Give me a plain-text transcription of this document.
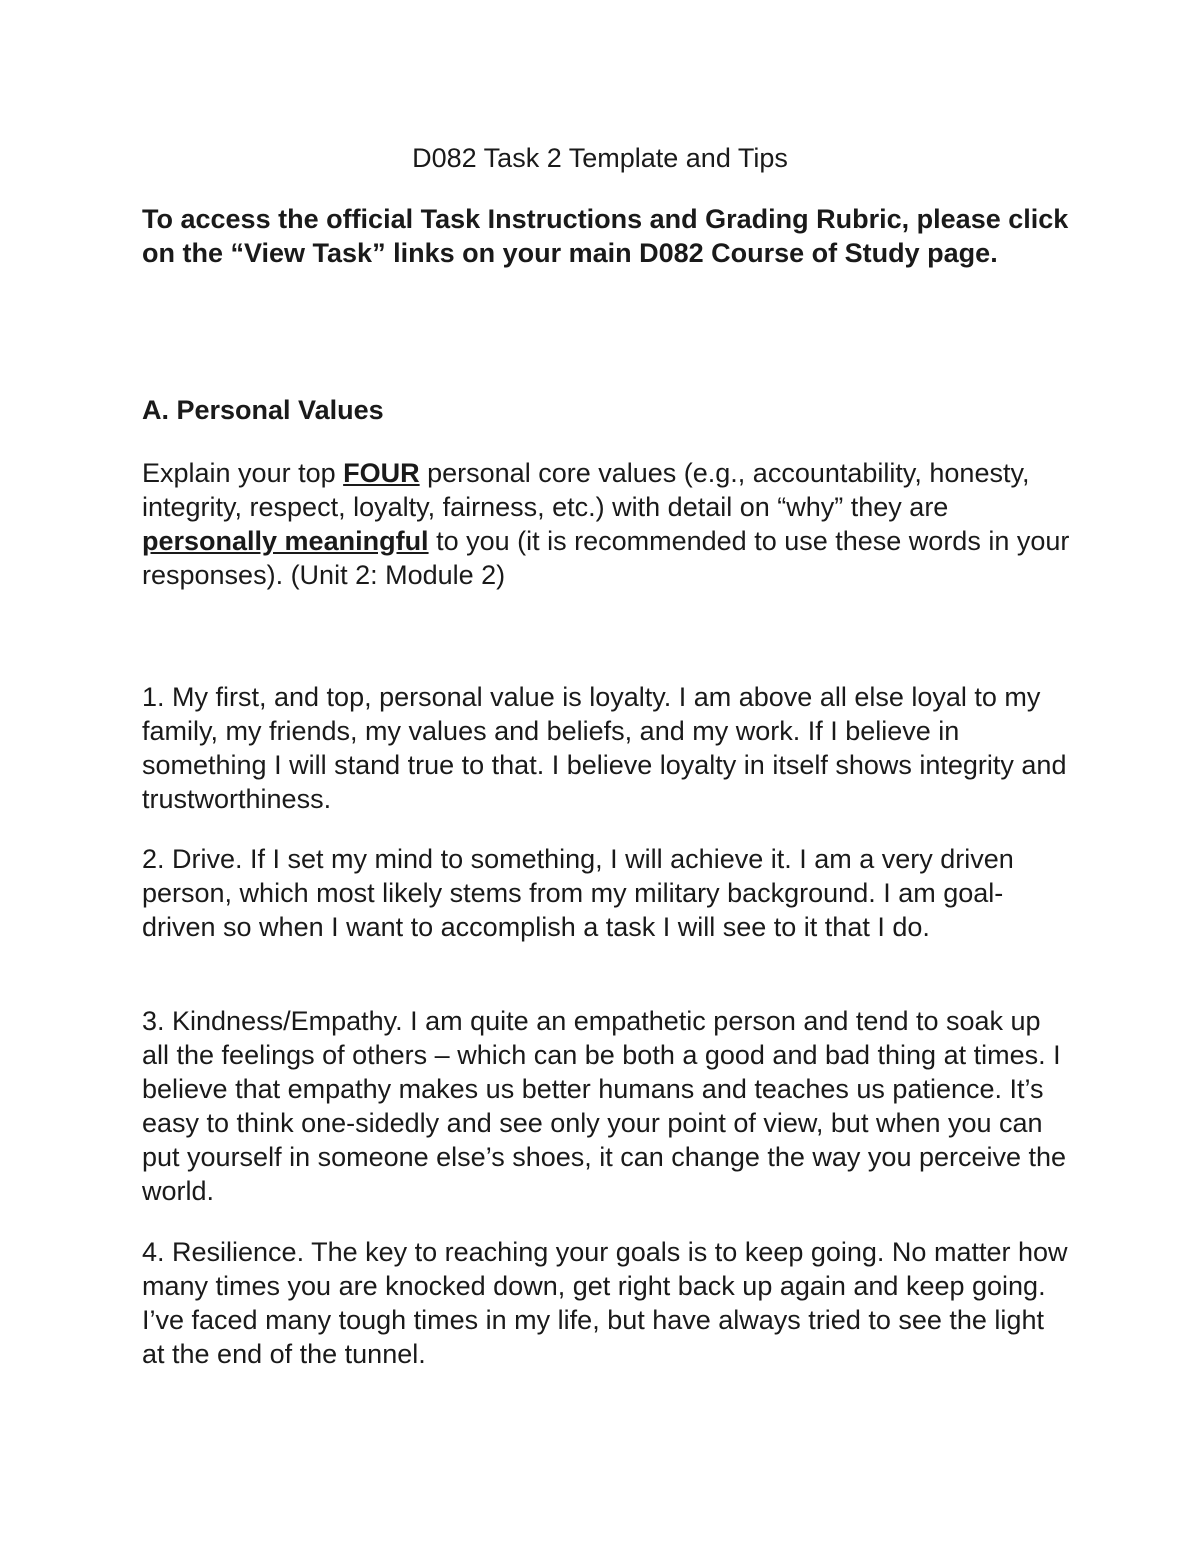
D082 Task 2 Template and Tips

To access the official Task Instructions and Grading Rubric, please click on the “View Task” links on your main D082 Course of Study page.

A. Personal Values

Explain your top FOUR personal core values (e.g., accountability, honesty, integrity, respect, loyalty, fairness, etc.) with detail on “why” they are personally meaningful to you (it is recommended to use these words in your responses). (Unit 2: Module 2)

1. My first, and top, personal value is loyalty. I am above all else loyal to my family, my friends, my values and beliefs, and my work. If I believe in something I will stand true to that. I believe loyalty in itself shows integrity and trustworthiness.

2. Drive. If I set my mind to something, I will achieve it. I am a very driven person, which most likely stems from my military background. I am goal-driven so when I want to accomplish a task I will see to it that I do.

3. Kindness/Empathy. I am quite an empathetic person and tend to soak up all the feelings of others – which can be both a good and bad thing at times. I believe that empathy makes us better humans and teaches us patience. It’s easy to think one-sidedly and see only your point of view, but when you can put yourself in someone else’s shoes, it can change the way you perceive the world.

4. Resilience. The key to reaching your goals is to keep going. No matter how many times you are knocked down, get right back up again and keep going. I’ve faced many tough times in my life, but have always tried to see the light at the end of the tunnel.
